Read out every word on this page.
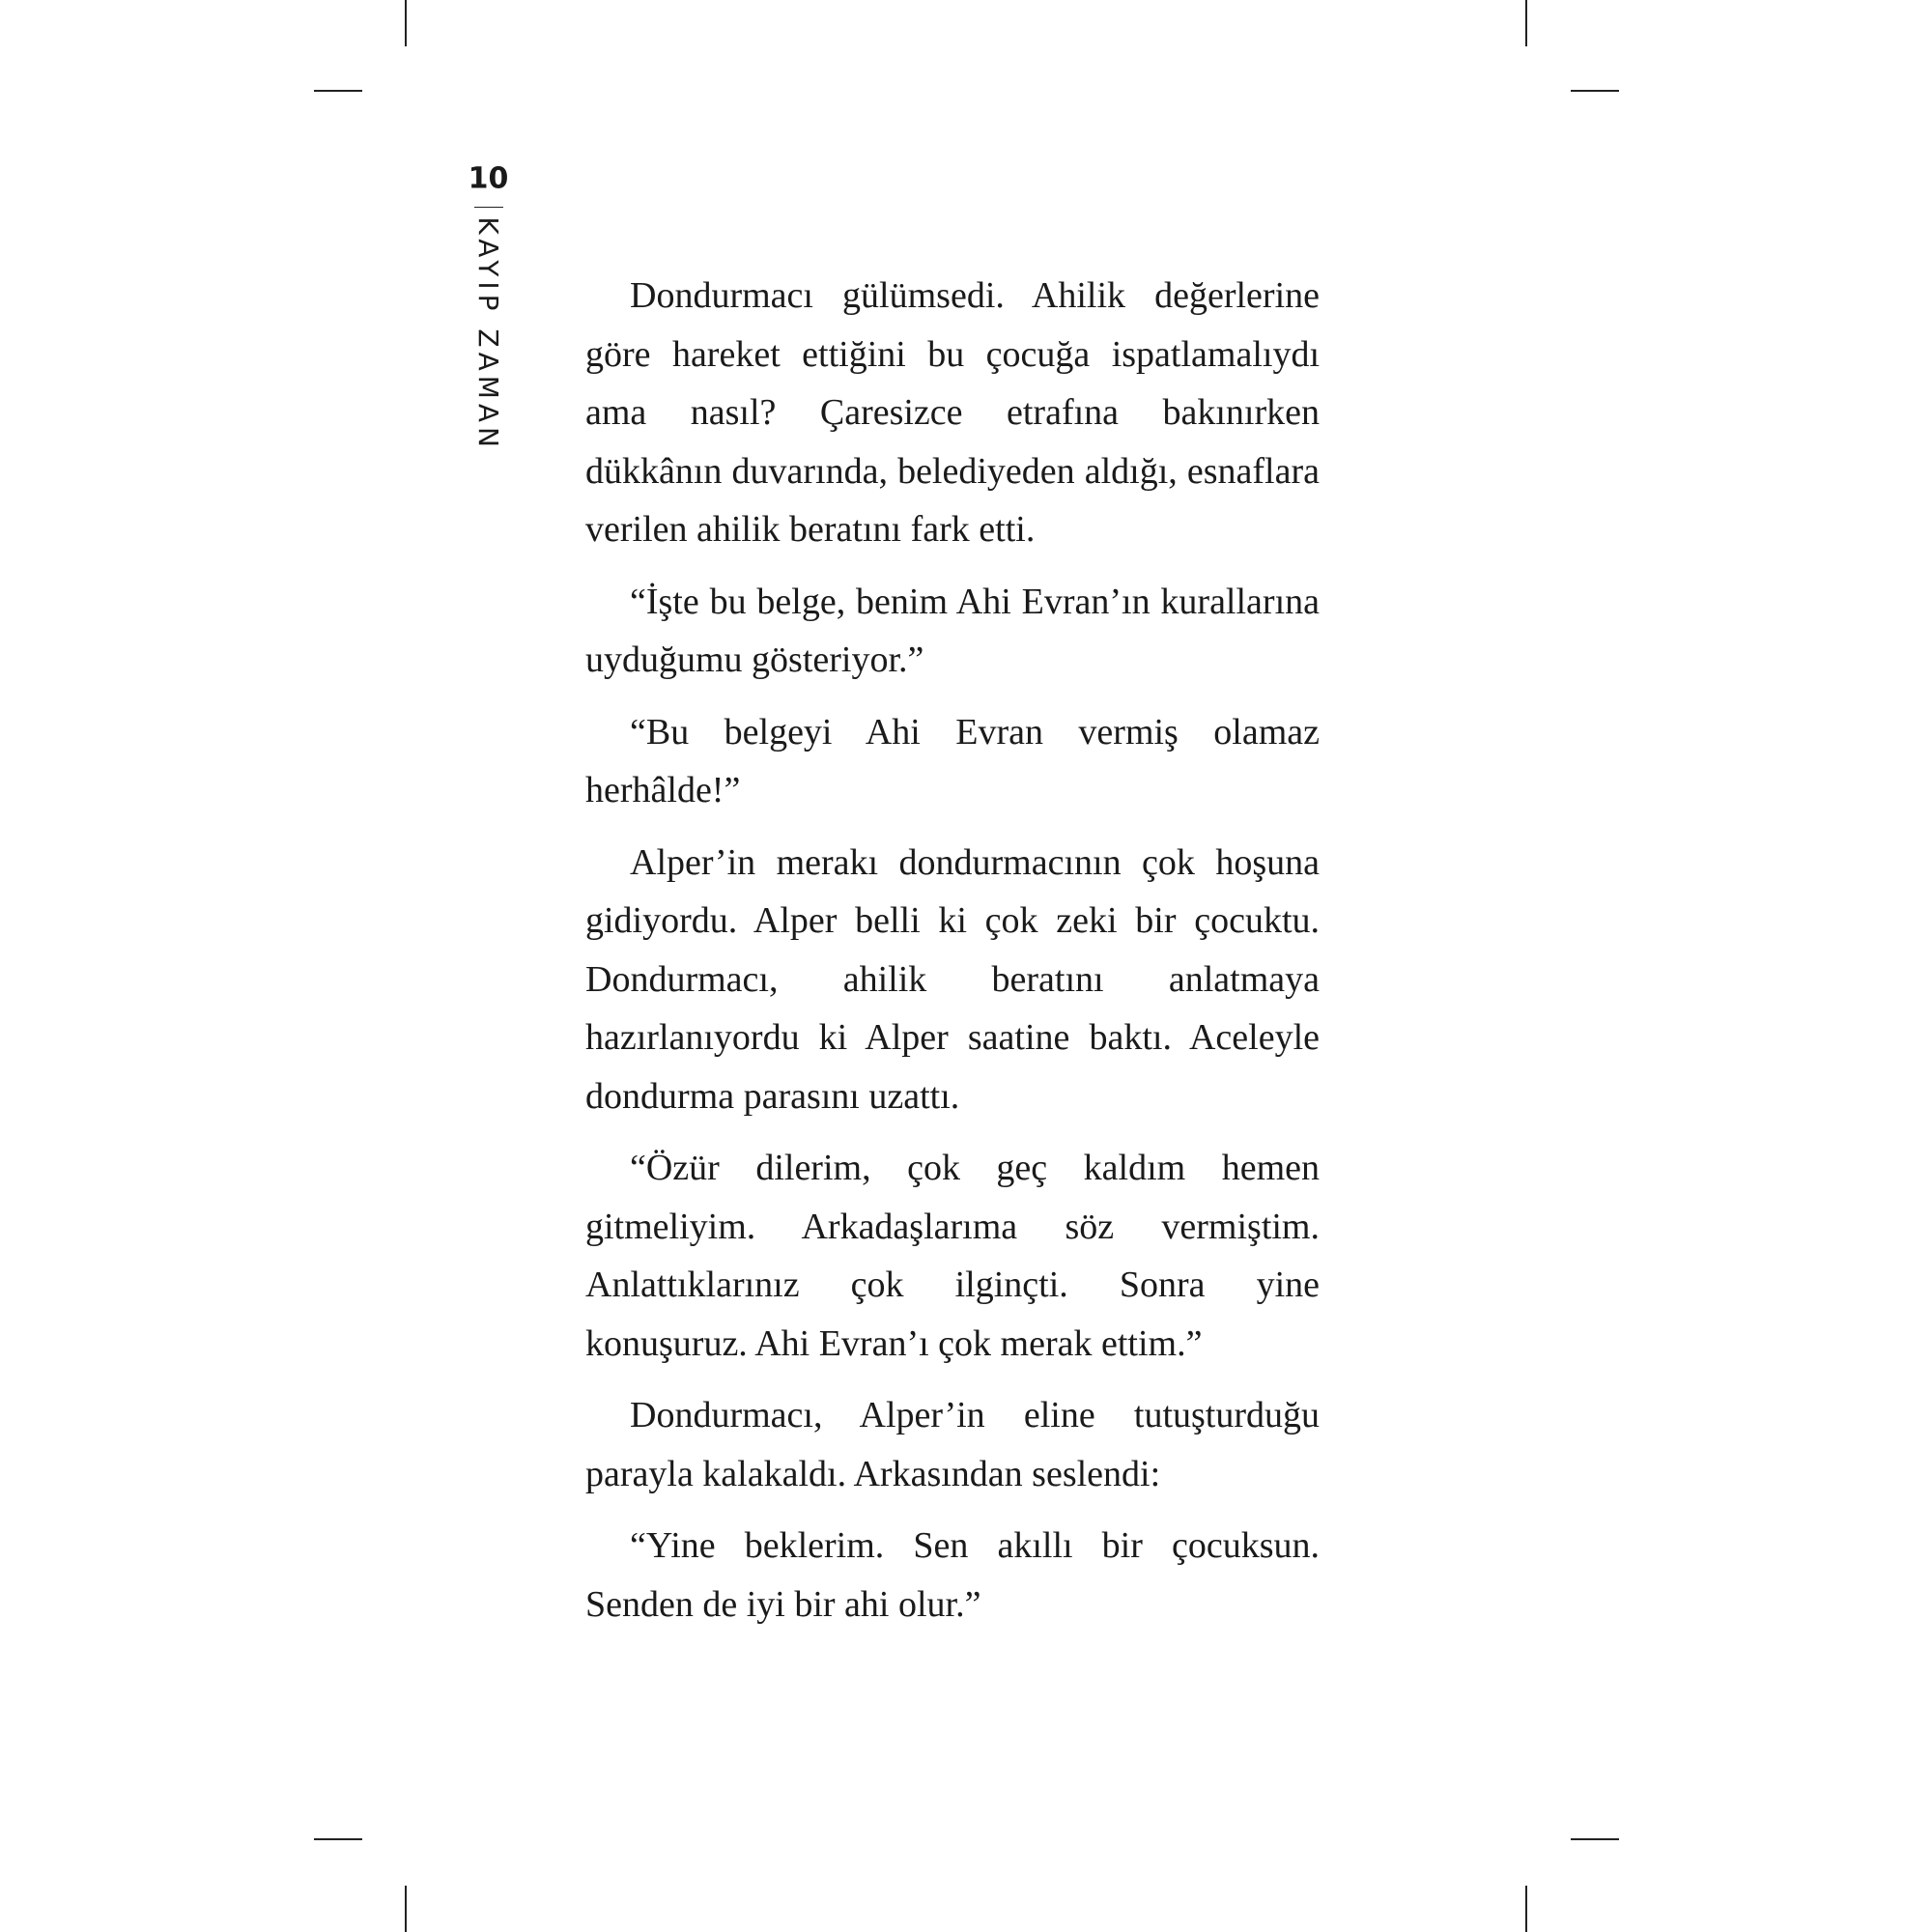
10
KAYIP ZAMAN	Dondurmacı gülümsedi. Ahilik değerlerine göre hareket ettiğini bu çocuğa ispatlamalıydı ama nasıl? Çaresizce etrafına bakınırken dükkânın duvarında, belediyeden aldığı, esnaflara verilen ahilik beratını fark etti.

“İşte bu belge, benim Ahi Evran’ın kurallarına uyduğumu gösteriyor.”

“Bu belgeyi Ahi Evran vermiş olamaz herhâlde!”

Alper’in merakı dondurmacının çok hoşuna gidiyordu. Alper belli ki çok zeki bir çocuktu. Dondurmacı, ahilik beratını anlatmaya hazırlanıyordu ki Alper saatine baktı. Aceleyle dondurma parasını uzattı.

“Özür dilerim, çok geç kaldım hemen gitmeliyim. Arkadaşlarıma söz vermiştim. Anlattıklarınız çok ilginçti. Sonra yine konuşuruz. Ahi Evran’ı çok merak ettim.”

Dondurmacı, Alper’in eline tutuşturduğu parayla kalakaldı. Arkasından seslendi:

“Yine beklerim. Sen akıllı bir çocuksun. Senden de iyi bir ahi olur.”
